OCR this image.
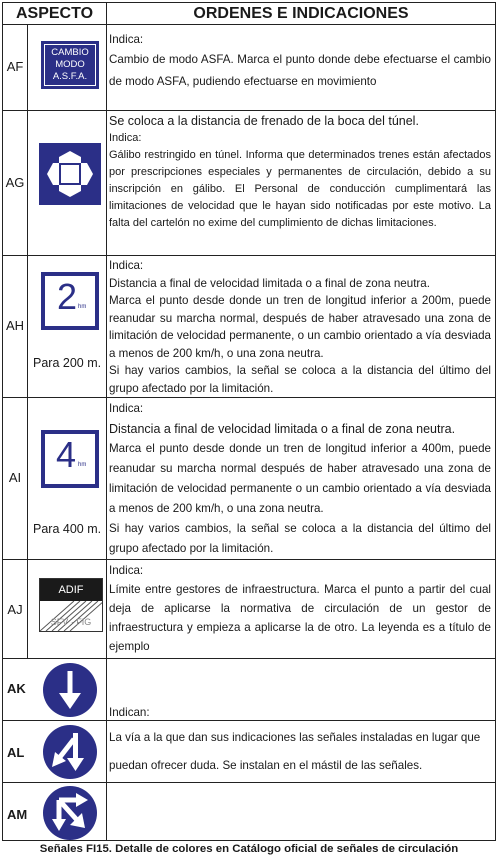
ASPECTO	ORDENES E INDICACIONES
AF
CAMBIO
MODO
A.S.F.A.

Indica:

Cambio de modo ASFA. Marca el punto donde debe efectuarse el cambio de modo ASFA, pudiendo efectuarse en movimiento

AG

Se coloca a la distancia de frenado de la boca del túnel.

Indica:

Gálibo restringido en túnel. Informa que determinados trenes están afectados por prescripciones especiales y permanentes de circulación, debido a su inscripción en gálibo. El Personal de conducción cumplimentará las limitaciones de velocidad que le hayan sido notificadas por este motivo. La falta del cartelón no exime del cumplimiento de dichas limitaciones.

AH
2 hm
Para 200 m.

Indica:

Distancia a final de velocidad limitada o a final de zona neutra.

Marca el punto desde donde un tren de longitud inferior a 200m, puede reanudar su marcha normal, después de haber atravesado una zona de limitación de velocidad permanente, o un cambio orientado a vía desviada a menos de 200 km/h, o una zona neutra.

Si hay varios cambios, la señal se coloca a la distancia del último del grupo afectado por la limitación.

AI
4 hm
Para 400 m.

Indica:

Distancia a final de velocidad limitada o a final de zona neutra.

Marca el punto desde donde un tren de longitud inferior a 400m, puede reanudar su marcha normal después de haber atravesado una zona de limitación de velocidad permanente o un cambio orientado a vía desviada a menos de 200 km/h, o una zona neutra.

Si hay varios cambios, la señal se coloca a la distancia del último del grupo afectado por la limitación.

AJ
ADIF
SFV · FIG

Indica:

Límite entre gestores de infraestructura. Marca el punto a partir del cual deja de aplicarse la normativa de circulación de un gestor de infraestructura y empieza a aplicarse la de otro. La leyenda es a título de ejemplo

AK
AL
AM

Indican:

La vía a la que dan sus indicaciones las señales instaladas en lugar que puedan ofrecer duda. Se instalan en el mástil de las señales.

Señales FI15. Detalle de colores en Catálogo oficial de señales de circulación
